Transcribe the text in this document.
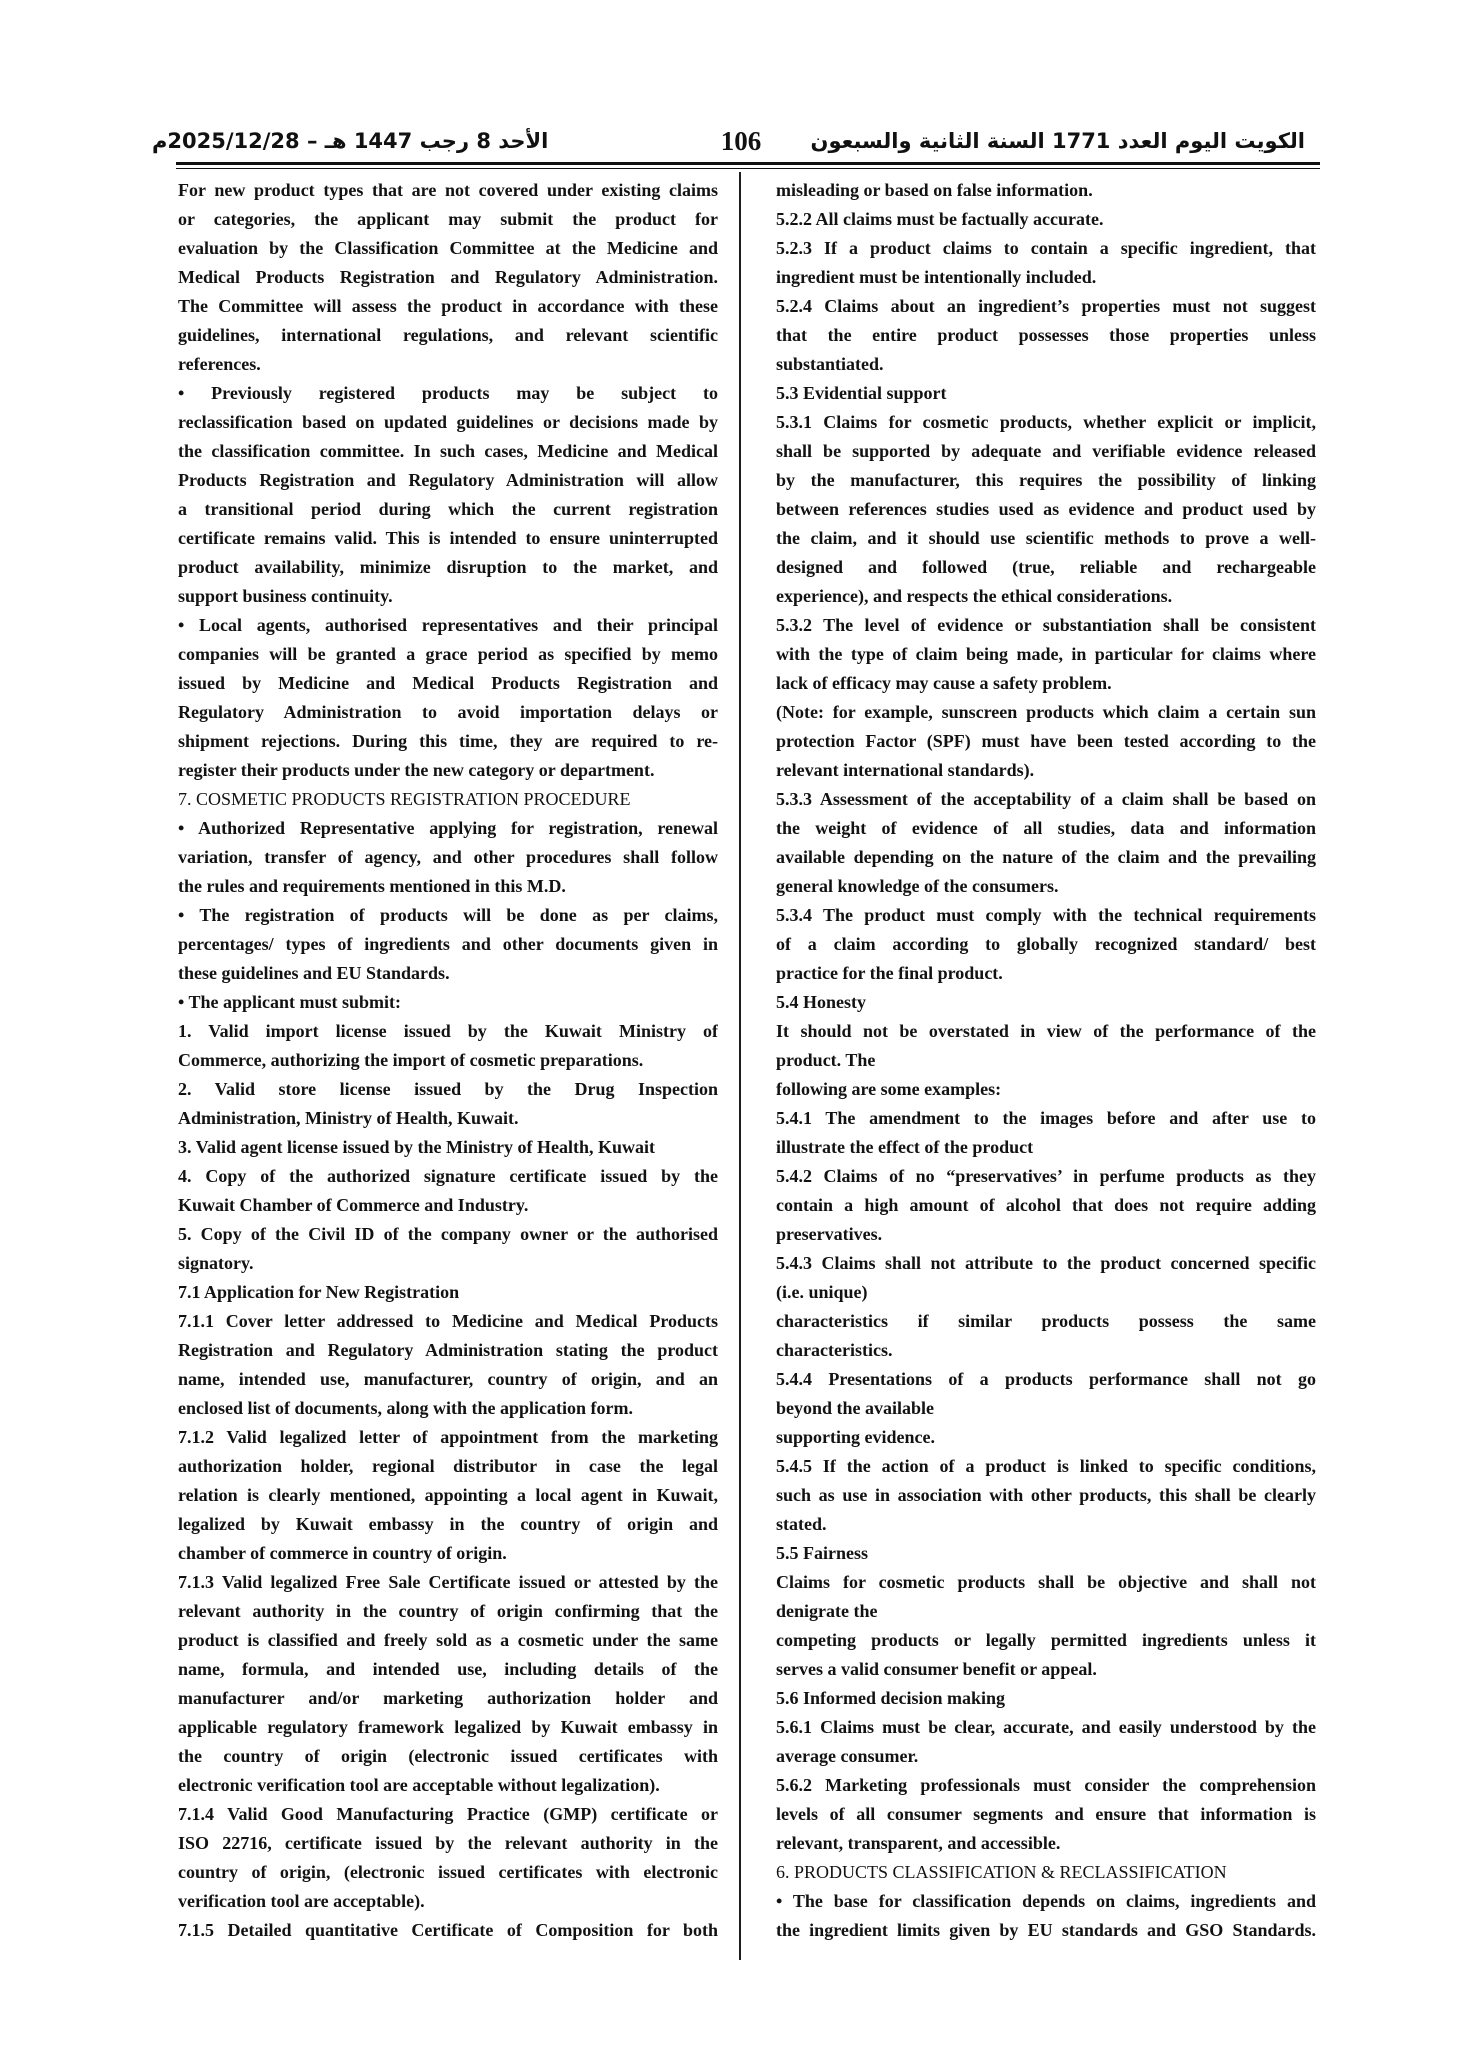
الكويت اليوم العدد 1771 السنة الثانية والسبعون
106
الأحد 8 رجب 1447 هـ – 2025/12/28م
For new product types that are not covered under existing claims
or categories, the applicant may submit the product for
evaluation by the Classification Committee at the Medicine and
Medical Products Registration and Regulatory Administration.
The Committee will assess the product in accordance with these
guidelines, international regulations, and relevant scientific
references.
• Previously registered products may be subject to
reclassification based on updated guidelines or decisions made by
the classification committee. In such cases, Medicine and Medical
Products Registration and Regulatory Administration will allow
a transitional period during which the current registration
certificate remains valid. This is intended to ensure uninterrupted
product availability, minimize disruption to the market, and
support business continuity.
• Local agents, authorised representatives and their principal
companies will be granted a grace period as specified by memo
issued by Medicine and Medical Products Registration and
Regulatory Administration to avoid importation delays or
shipment rejections. During this time, they are required to re-
register their products under the new category or department.
7. COSMETIC PRODUCTS REGISTRATION PROCEDURE
• Authorized Representative applying for registration, renewal
variation, transfer of agency, and other procedures shall follow
the rules and requirements mentioned in this M.D.
• The registration of products will be done as per claims,
percentages/ types of ingredients and other documents given in
these guidelines and EU Standards.
• The applicant must submit:
1. Valid import license issued by the Kuwait Ministry of
Commerce, authorizing the import of cosmetic preparations.
2. Valid store license issued by the Drug Inspection
Administration, Ministry of Health, Kuwait.
3. Valid agent license issued by the Ministry of Health, Kuwait
4. Copy of the authorized signature certificate issued by the
Kuwait Chamber of Commerce and Industry.
5. Copy of the Civil ID of the company owner or the authorised
signatory.
7.1 Application for New Registration
7.1.1 Cover letter addressed to Medicine and Medical Products
Registration and Regulatory Administration stating the product
name, intended use, manufacturer, country of origin, and an
enclosed list of documents, along with the application form.
7.1.2 Valid legalized letter of appointment from the marketing
authorization holder, regional distributor in case the legal
relation is clearly mentioned, appointing a local agent in Kuwait,
legalized by Kuwait embassy in the country of origin and
chamber of commerce in country of origin.
7.1.3 Valid legalized Free Sale Certificate issued or attested by the
relevant authority in the country of origin confirming that the
product is classified and freely sold as a cosmetic under the same
name, formula, and intended use, including details of the
manufacturer and/or marketing authorization holder and
applicable regulatory framework legalized by Kuwait embassy in
the country of origin (electronic issued certificates with
electronic verification tool are acceptable without legalization).
7.1.4 Valid Good Manufacturing Practice (GMP) certificate or
ISO 22716, certificate issued by the relevant authority in the
country of origin, (electronic issued certificates with electronic
verification tool are acceptable).
7.1.5 Detailed quantitative Certificate of Composition for both
misleading or based on false information.
5.2.2 All claims must be factually accurate.
5.2.3 If a product claims to contain a specific ingredient, that
ingredient must be intentionally included.
5.2.4 Claims about an ingredient’s properties must not suggest
that the entire product possesses those properties unless
substantiated.
5.3 Evidential support
5.3.1 Claims for cosmetic products, whether explicit or implicit,
shall be supported by adequate and verifiable evidence released
by the manufacturer, this requires the possibility of linking
between references studies used as evidence and product used by
the claim, and it should use scientific methods to prove a well-
designed and followed (true, reliable and rechargeable
experience), and respects the ethical considerations.
5.3.2 The level of evidence or substantiation shall be consistent
with the type of claim being made, in particular for claims where
lack of efficacy may cause a safety problem.
(Note: for example, sunscreen products which claim a certain sun
protection Factor (SPF) must have been tested according to the
relevant international standards).
5.3.3 Assessment of the acceptability of a claim shall be based on
the weight of evidence of all studies, data and information
available depending on the nature of the claim and the prevailing
general knowledge of the consumers.
5.3.4 The product must comply with the technical requirements
of a claim according to globally recognized standard/ best
practice for the final product.
5.4 Honesty
It should not be overstated in view of the performance of the
product. The
following are some examples:
5.4.1 The amendment to the images before and after use to
illustrate the effect of the product
5.4.2 Claims of no “preservatives’ in perfume products as they
contain a high amount of alcohol that does not require adding
preservatives.
5.4.3 Claims shall not attribute to the product concerned specific
(i.e. unique)
characteristics if similar products possess the same
characteristics.
5.4.4 Presentations of a products performance shall not go
beyond the available
supporting evidence.
5.4.5 If the action of a product is linked to specific conditions,
such as use in association with other products, this shall be clearly
stated.
5.5 Fairness
Claims for cosmetic products shall be objective and shall not
denigrate the
competing products or legally permitted ingredients unless it
serves a valid consumer benefit or appeal.
5.6 Informed decision making
5.6.1 Claims must be clear, accurate, and easily understood by the
average consumer.
5.6.2 Marketing professionals must consider the comprehension
levels of all consumer segments and ensure that information is
relevant, transparent, and accessible.
6. PRODUCTS CLASSIFICATION & RECLASSIFICATION
• The base for classification depends on claims, ingredients and
the ingredient limits given by EU standards and GSO Standards.
